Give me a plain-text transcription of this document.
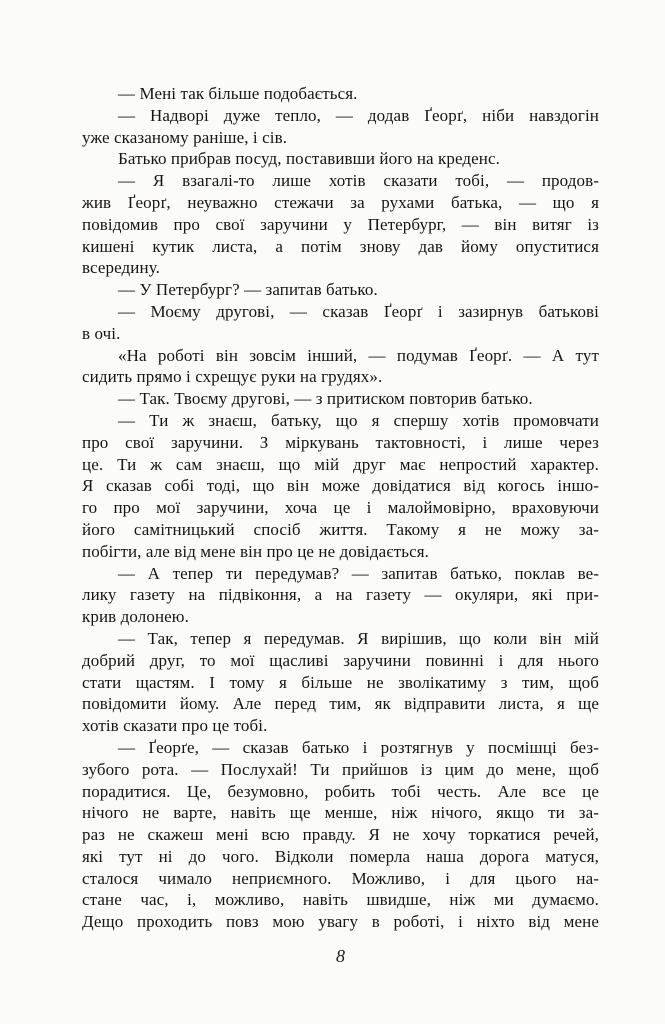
— Мені так більше подобається.

— Надворі дуже тепло, — додав Ґеорґ, ніби навздогін
уже сказаному раніше, і сів.

Батько прибрав посуд, поставивши його на креденс.

— Я взагалі-то лише хотів сказати тобі, — продов-
жив Ґеорґ, неуважно стежачи за рухами батька, — що я
повідомив про свої заручини у Петербург, — він витяг із
кишені кутик листа, а потім знову дав йому опуститися
всередину.

— У Петербург? — запитав батько.

— Моєму другові, — сказав Ґеорґ і зазирнув батькові
в очі.

«На роботі він зовсім інший, — подумав Ґеорґ. — А тут
сидить прямо і схрещує руки на грудях».

— Так. Твоєму другові, — з притиском повторив батько.

— Ти ж знаєш, батьку, що я спершу хотів промовчати
про свої заручини. З міркувань тактовності, і лише через
це. Ти ж сам знаєш, що мій друг має непростий характер.
Я сказав собі тоді, що він може довідатися від когось іншо-
го про мої заручини, хоча це і малоймовірно, враховуючи
його самітницький спосіб життя. Такому я не можу за-
побігти, але від мене він про це не довідається.

— А тепер ти передумав? — запитав батько, поклав ве-
лику газету на підвіконня, а на газету — окуляри, які при-
крив долонею.

— Так, тепер я передумав. Я вирішив, що коли він мій
добрий друг, то мої щасливі заручини повинні і для нього
стати щастям. І тому я більше не зволікатиму з тим, щоб
повідомити йому. Але перед тим, як відправити листа, я ще
хотів сказати про це тобі.

— Ґеорґе, — сказав батько і розтягнув у посмішці без-
зубого рота. — Послухай! Ти прийшов із цим до мене, щоб
порадитися. Це, безумовно, робить тобі честь. Але все це
нічого не варте, навіть ще менше, ніж нічого, якщо ти за-
раз не скажеш мені всю правду. Я не хочу торкатися речей,
які тут ні до чого. Відколи померла наша дорога матуся,
сталося чимало неприємного. Можливо, і для цього на-
стане час, і, можливо, навіть швидше, ніж ми думаємо.
Дещо проходить повз мою увагу в роботі, і ніхто від мене

8
